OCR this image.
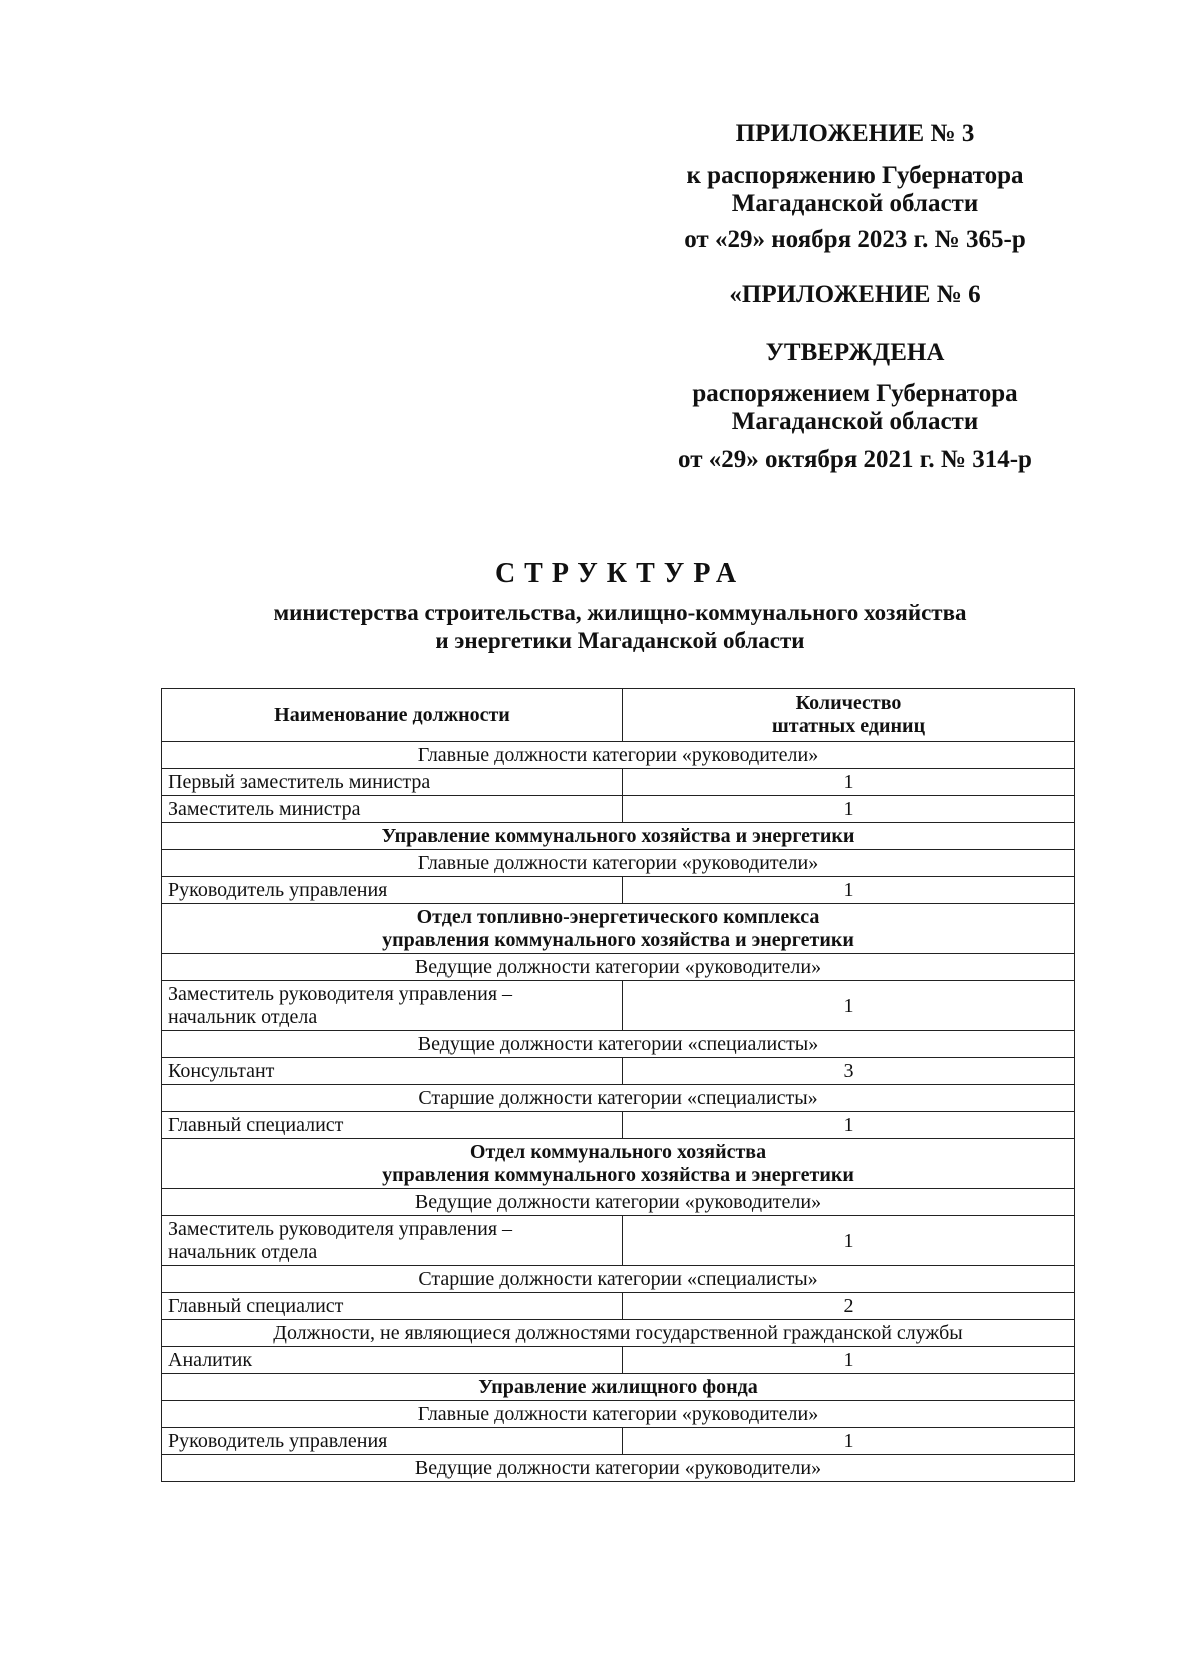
ПРИЛОЖЕНИЕ № 3
к распоряжению Губернатора
Магаданской области
от «29» ноября 2023 г. № 365-р
«ПРИЛОЖЕНИЕ № 6
УТВЕРЖДЕНА
распоряжением Губернатора
Магаданской области
от «29» октября 2021 г. № 314-р
СТРУКТУРА
министерства строительства, жилищно-коммунального хозяйства
и энергетики Магаданской области
Наименование должности	Количество
штатных единиц

Главные должности категории «руководители»	

Первый заместитель министра	1

Заместитель министра	1

Управление коммунального хозяйства и энергетики	

Главные должности категории «руководители»	

Руководитель управления	1

Отдел топливно-энергетического комплекса
управления коммунального хозяйства и энергетики	

Ведущие должности категории «руководители»	

Заместитель руководителя управления –
начальник отдела	1

Ведущие должности категории «специалисты»	

Консультант	3

Старшие должности категории «специалисты»	

Главный специалист	1

Отдел коммунального хозяйства
управления коммунального хозяйства и энергетики	

Ведущие должности категории «руководители»	

Заместитель руководителя управления –
начальник отдела	1

Старшие должности категории «специалисты»	

Главный специалист	2

Должности, не являющиеся должностями государственной гражданской службы	

Аналитик	1

Управление жилищного фонда	

Главные должности категории «руководители»	

Руководитель управления	1

Ведущие должности категории «руководители»	
